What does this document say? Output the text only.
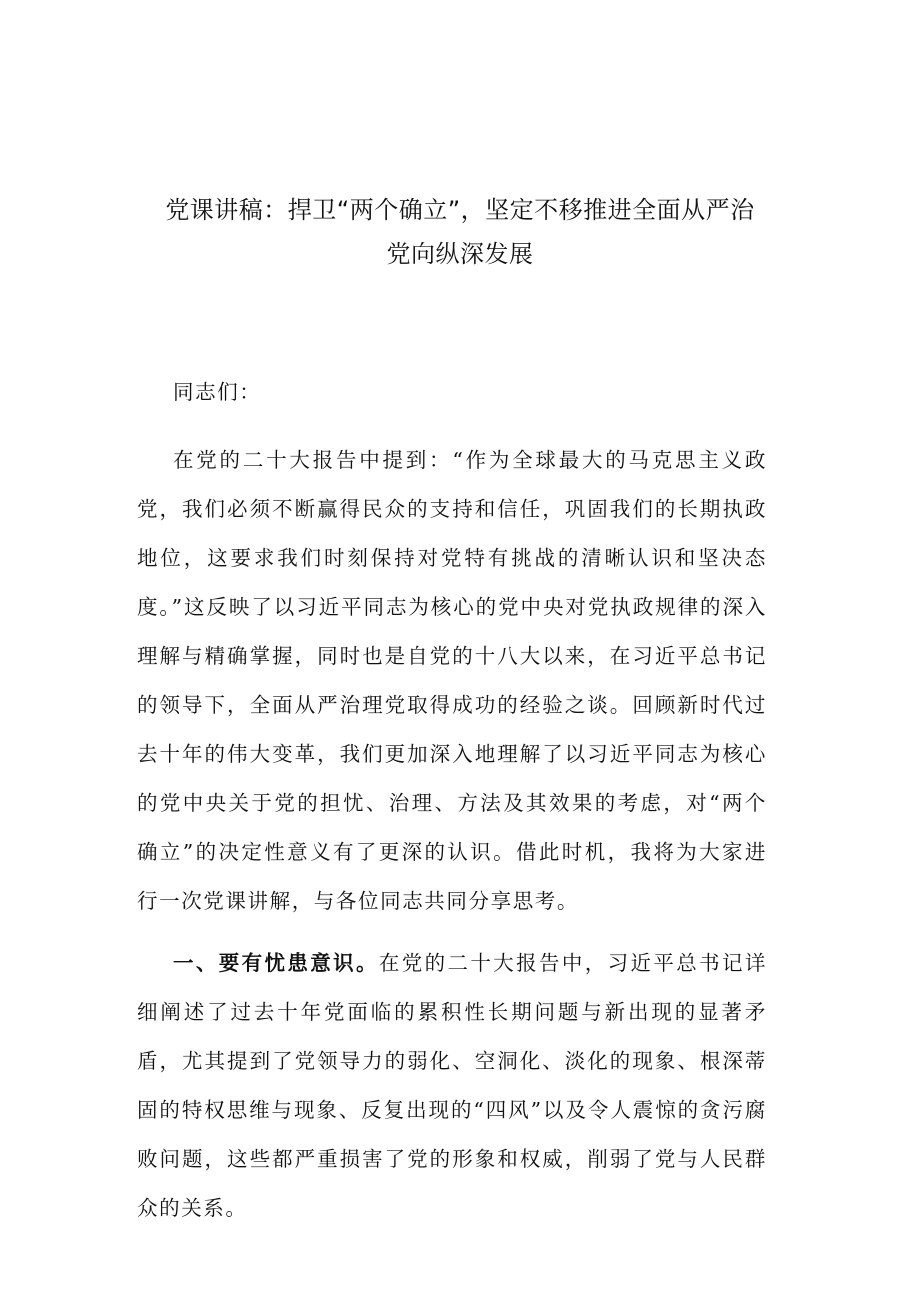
党课讲稿：捍卫“两个确立”，坚定不移推进全面从严治
党向纵深发展

同志们：

在党的二十大报告中提到：“作为全球最大的马克思主义政党，我们必须不断赢得民众的支持和信任，巩固我们的长期执政地位，这要求我们时刻保持对党特有挑战的清晰认识和坚决态度。”这反映了以习近平同志为核心的党中央对党执政规律的深入理解与精确掌握，同时也是自党的十八大以来，在习近平总书记的领导下，全面从严治理党取得成功的经验之谈。回顾新时代过去十年的伟大变革，我们更加深入地理解了以习近平同志为核心的党中央关于党的担忧、治理、方法及其效果的考虑，对“两个确立”的决定性意义有了更深的认识。借此时机，我将为大家进行一次党课讲解，与各位同志共同分享思考。

一、要有忧患意识。在党的二十大报告中，习近平总书记详细阐述了过去十年党面临的累积性长期问题与新出现的显著矛盾，尤其提到了党领导力的弱化、空洞化、淡化的现象、根深蒂固的特权思维与现象、反复出现的“四风”以及令人震惊的贪污腐败问题，这些都严重损害了党的形象和权威，削弱了党与人民群众的关系。
